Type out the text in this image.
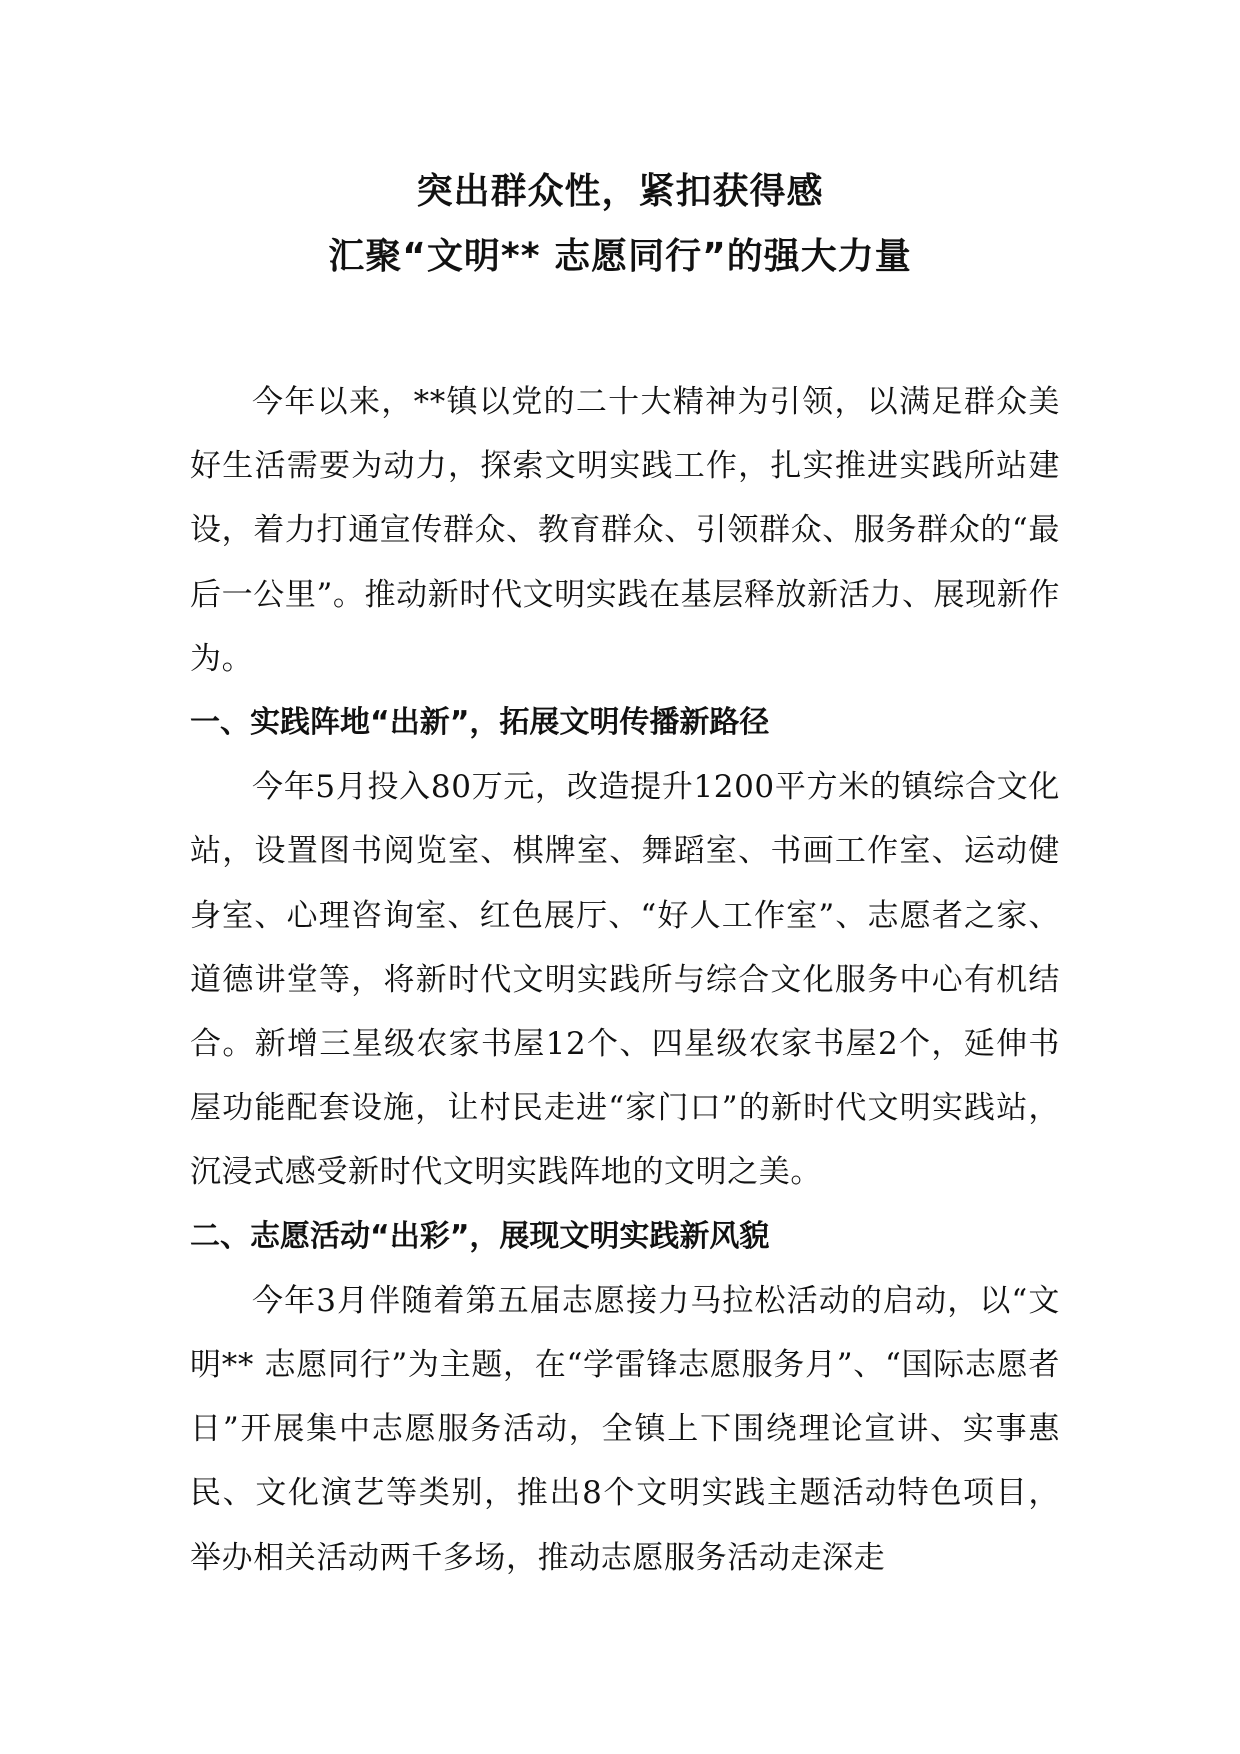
突出群众性，紧扣获得感
汇聚“文明** 志愿同行”的强大力量

今年以来，**镇以党的二十大精神为引领，以满足群众美好生活需要为动力，探索文明实践工作，扎实推进实践所站建设，着力打通宣传群众、教育群众、引领群众、服务群众的“最后一公里”。推动新时代文明实践在基层释放新活力、展现新作为。

一、实践阵地“出新”，拓展文明传播新路径

今年5月投入80万元，改造提升1200平方米的镇综合文化站，设置图书阅览室、棋牌室、舞蹈室、书画工作室、运动健身室、心理咨询室、红色展厅、“好人工作室”、志愿者之家、道德讲堂等，将新时代文明实践所与综合文化服务中心有机结合。新增三星级农家书屋12个、四星级农家书屋2个，延伸书屋功能配套设施，让村民走进“家门口”的新时代文明实践站，沉浸式感受新时代文明实践阵地的文明之美。

二、志愿活动“出彩”，展现文明实践新风貌

今年3月伴随着第五届志愿接力马拉松活动的启动，以“文明** 志愿同行”为主题，在“学雷锋志愿服务月”、“国际志愿者日”开展集中志愿服务活动，全镇上下围绕理论宣讲、实事惠民、文化演艺等类别，推出8个文明实践主题活动特色项目，举办相关活动两千多场，推动志愿服务活动走深走
